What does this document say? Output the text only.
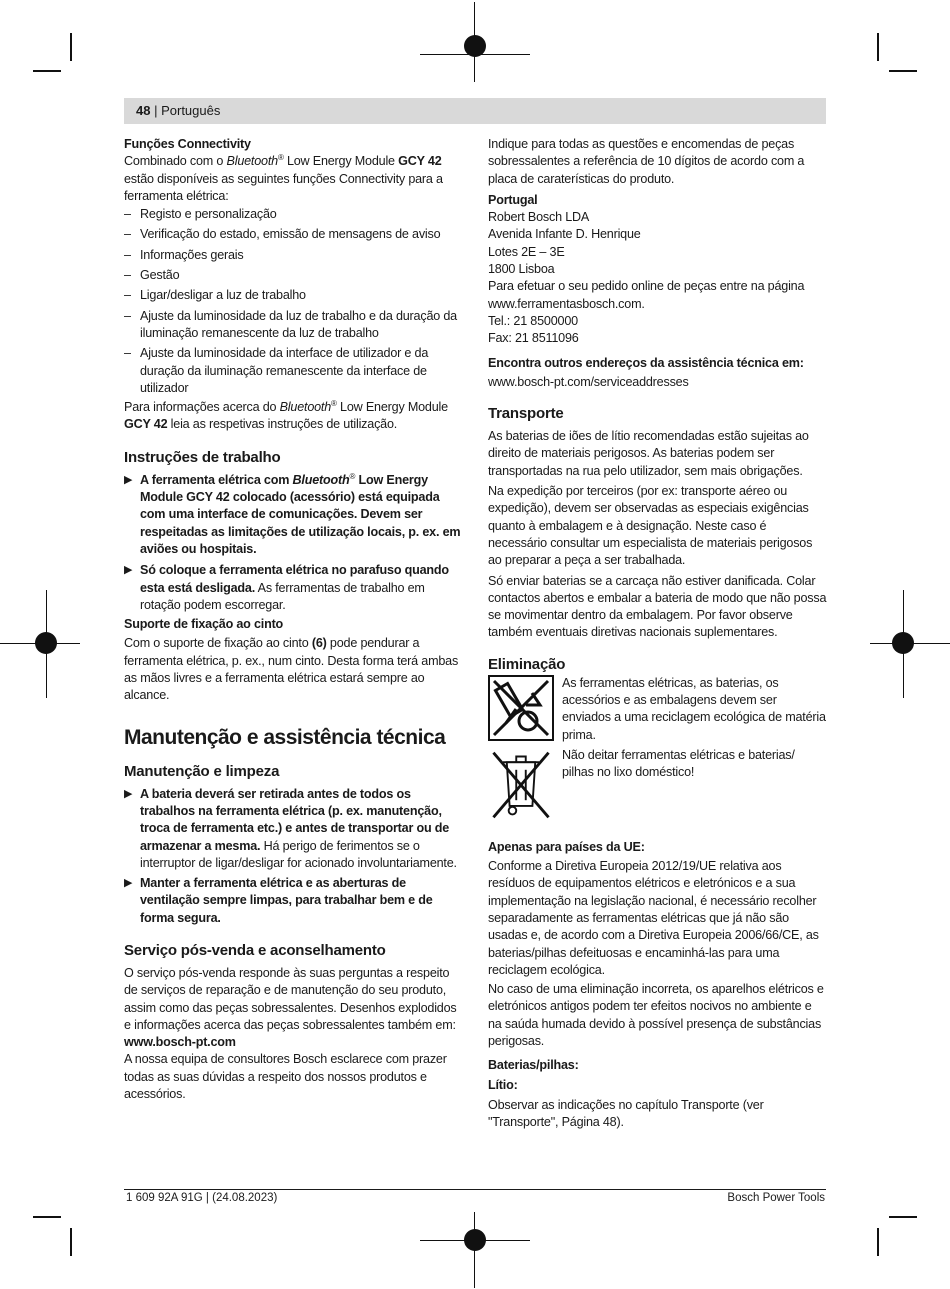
48 | Português

Funções Connectivity

Combinado com o Bluetooth® Low Energy Module GCY 42 estão disponíveis as seguintes funções Connectivity para a ferramenta elétrica:

– Registo e personalização

– Verificação do estado, emissão de mensagens de aviso

– Informações gerais

– Gestão

– Ligar/desligar a luz de trabalho

– Ajuste da luminosidade da luz de trabalho e da duração da iluminação remanescente da luz de trabalho

– Ajuste da luminosidade da interface de utilizador e da duração da iluminação remanescente da interface de utilizador

Para informações acerca do Bluetooth® Low Energy Module GCY 42 leia as respetivas instruções de utilização.

Instruções de trabalho

▶ A ferramenta elétrica com Bluetooth® Low Energy Module GCY 42 colocado (acessório) está equipada com uma interface de comunicações. Devem ser respeitadas as limitações de utilização locais, p. ex. em aviões ou hospitais.

▶ Só coloque a ferramenta elétrica no parafuso quando esta está desligada. As ferramentas de trabalho em rotação podem escorregar.

Suporte de fixação ao cinto

Com o suporte de fixação ao cinto (6) pode pendurar a ferramenta elétrica, p. ex., num cinto. Desta forma terá ambas as mãos livres e a ferramenta elétrica estará sempre ao alcance.

Manutenção e assistência técnica

Manutenção e limpeza

▶ A bateria deverá ser retirada antes de todos os trabalhos na ferramenta elétrica (p. ex. manutenção, troca de ferramenta etc.) e antes de transportar ou de armazenar a mesma. Há perigo de ferimentos se o interruptor de ligar/desligar for acionado involuntariamente.

▶ Manter a ferramenta elétrica e as aberturas de ventilação sempre limpas, para trabalhar bem e de forma segura.

Serviço pós-venda e aconselhamento

O serviço pós-venda responde às suas perguntas a respeito de serviços de reparação e de manutenção do seu produto, assim como das peças sobressalentes. Desenhos explodidos e informações acerca das peças sobressalentes também em:

www.bosch-pt.com

A nossa equipa de consultores Bosch esclarece com prazer todas as suas dúvidas a respeito dos nossos produtos e acessórios.

Indique para todas as questões e encomendas de peças sobressalentes a referência de 10 dígitos de acordo com a placa de caraterísticas do produto.

Portugal

Robert Bosch LDA

Avenida Infante D. Henrique

Lotes 2E – 3E

1800 Lisboa

Para efetuar o seu pedido online de peças entre na página www.ferramentasbosch.com.

Tel.: 21 8500000

Fax: 21 8511096

Encontra outros endereços da assistência técnica em:

www.bosch-pt.com/serviceaddresses

Transporte

As baterias de iões de lítio recomendadas estão sujeitas ao direito de materiais perigosos. As baterias podem ser transportadas na rua pelo utilizador, sem mais obrigações.

Na expedição por terceiros (por ex: transporte aéreo ou expedição), devem ser observadas as especiais exigências quanto à embalagem e à designação. Neste caso é necessário consultar um especialista de materiais perigosos ao preparar a peça a ser trabalhada.

Só enviar baterias se a carcaça não estiver danificada. Colar contactos abertos e embalar a bateria de modo que não possa se movimentar dentro da embalagem. Por favor observe também eventuais diretivas nacionais suplementares.

Eliminação

As ferramentas elétricas, as baterias, os acessórios e as embalagens devem ser enviados a uma reciclagem ecológica de matéria prima.

Não deitar ferramentas elétricas e baterias/ pilhas no lixo doméstico!

Apenas para países da UE:

Conforme a Diretiva Europeia 2012/19/UE relativa aos resíduos de equipamentos elétricos e eletrónicos e a sua implementação na legislação nacional, é necessário recolher separadamente as ferramentas elétricas que já não são usadas e, de acordo com a Diretiva Europeia 2006/66/CE, as baterias/pilhas defeituosas e encaminhá-las para uma reciclagem ecológica.

No caso de uma eliminação incorreta, os aparelhos elétricos e eletrónicos antigos podem ter efeitos nocivos no ambiente e na saúda humada devido à possível presença de substâncias perigosas.

Baterias/pilhas:

Lítio:

Observar as indicações no capítulo Transporte (ver "Transporte", Página 48).

1 609 92A 91G | (24.08.2023)	Bosch Power Tools
